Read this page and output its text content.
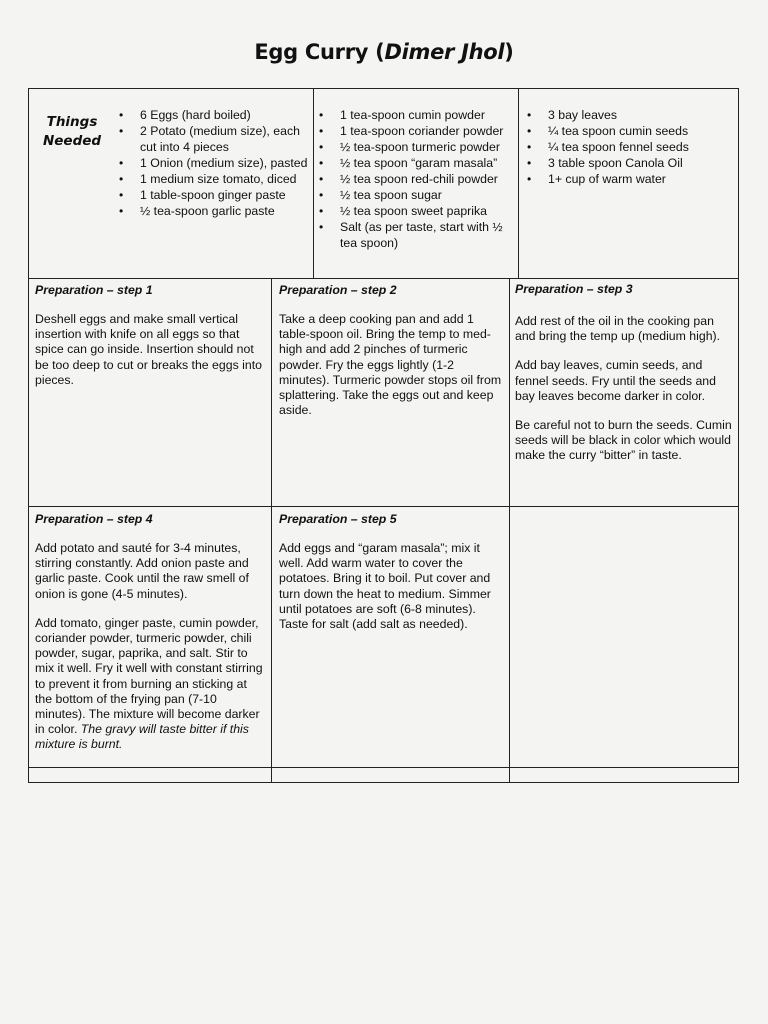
Egg Curry (Dimer Jhol)
Things Needed
• 6 Eggs (hard boiled)
• 2 Potato (medium size), each cut into 4 pieces
• 1 Onion (medium size), pasted
• 1 medium size tomato, diced
• 1 table-spoon ginger paste
• ½ tea-spoon garlic paste
• 1 tea-spoon cumin powder
• 1 tea-spoon coriander powder
• ½ tea-spoon turmeric powder
• ½ tea spoon “garam masala”
• ½ tea spoon red-chili powder
• ½ tea spoon sugar
• ½ tea spoon sweet paprika
• Salt (as per taste, start with ½ tea spoon)
• 3 bay leaves
• ¼ tea spoon cumin seeds
• ¼ tea spoon fennel seeds
• 3 table spoon Canola Oil
• 1+ cup of warm water
Preparation – step 1

Deshell eggs and make small vertical insertion with knife on all eggs so that spice can go inside. Insertion should not be too deep to cut or breaks the eggs into pieces.

Preparation – step 2

Take a deep cooking pan and add 1 table-spoon oil. Bring the temp to med-high and add 2 pinches of turmeric powder. Fry the eggs lightly (1-2 minutes). Turmeric powder stops oil from splattering. Take the eggs out and keep aside.

Preparation – step 3

Add rest of the oil in the cooking pan and bring the temp up (medium high).

Add bay leaves, cumin seeds, and fennel seeds. Fry until the seeds and bay leaves become darker in color.

Be careful not to burn the seeds. Cumin seeds will be black in color which would make the curry “bitter” in taste.

Preparation – step 4

Add potato and sauté for 3-4 minutes, stirring constantly. Add onion paste and garlic paste. Cook until the raw smell of onion is gone (4-5 minutes).

Add tomato, ginger paste, cumin powder, coriander powder, turmeric powder, chili powder, sugar, paprika, and salt. Stir to mix it well. Fry it well with constant stirring to prevent it from burning an sticking at the bottom of the frying pan (7-10 minutes). The mixture will become darker in color. The gravy will taste bitter if this mixture is burnt.

Preparation – step 5

Add eggs and “garam masala”; mix it well. Add warm water to cover the potatoes. Bring it to boil. Put cover and turn down the heat to medium. Simmer until potatoes are soft (6-8 minutes). Taste for salt (add salt as needed).
